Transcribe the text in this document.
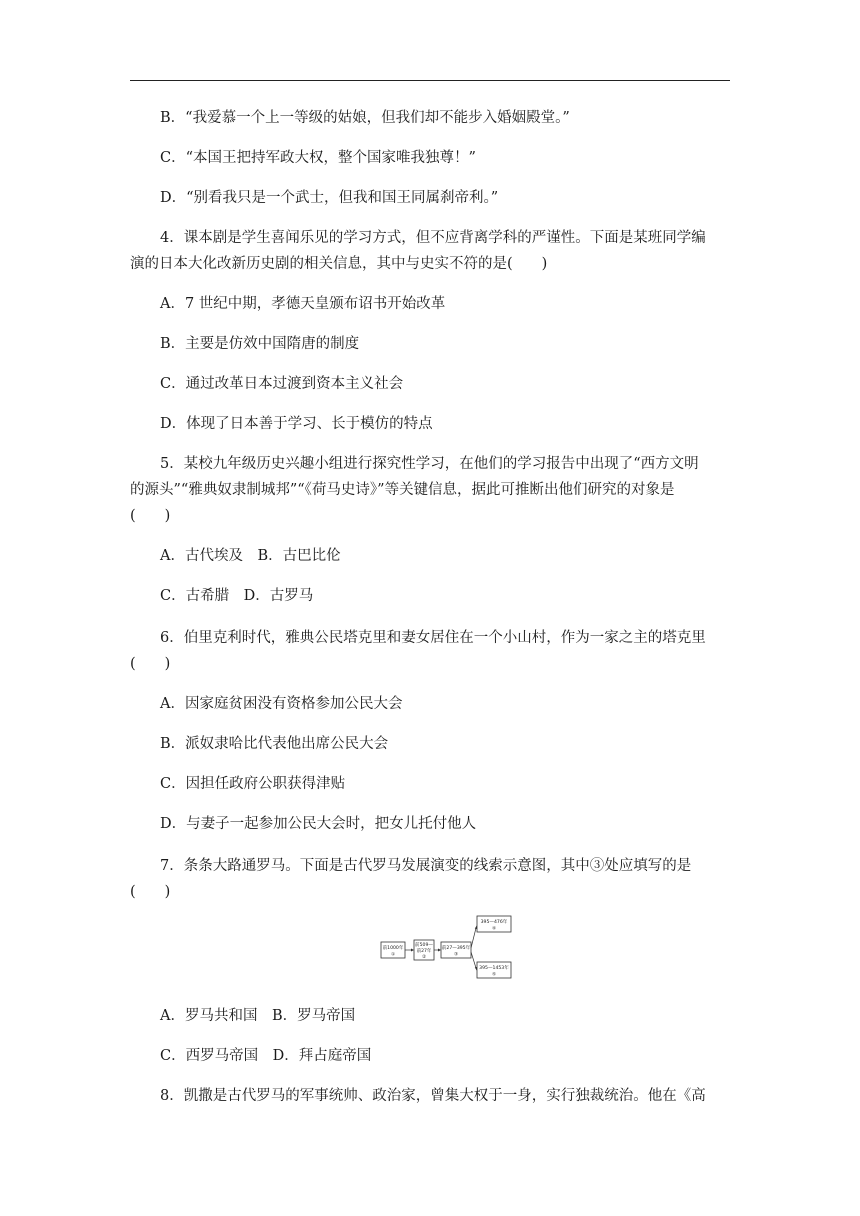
B．“我爱慕一个上一等级的姑娘，但我们却不能步入婚姻殿堂。”
C．“本国王把持军政大权，整个国家唯我独尊！”
D．“别看我只是一个武士，但我和国王同属刹帝利。”
4．课本剧是学生喜闻乐见的学习方式，但不应背离学科的严谨性。下面是某班同学编
演的日本大化改新历史剧的相关信息，其中与史实不符的是(　　)
A．7 世纪中期，孝德天皇颁布诏书开始改革
B．主要是仿效中国隋唐的制度
C．通过改革日本过渡到资本主义社会
D．体现了日本善于学习、长于模仿的特点
5．某校九年级历史兴趣小组进行探究性学习，在他们的学习报告中出现了“西方文明
的源头”“雅典奴隶制城邦”“《荷马史诗》”等关键信息，据此可推断出他们研究的对象是
(　　)
A．古代埃及　B．古巴比伦
C．古希腊　D．古罗马
6．伯里克利时代，雅典公民塔克里和妻女居住在一个小山村，作为一家之主的塔克里
(　　)
A．因家庭贫困没有资格参加公民大会
B．派奴隶哈比代表他出席公民大会
C．因担任政府公职获得津贴
D．与妻子一起参加公民大会时，把女儿托付他人
7．条条大路通罗马。下面是古代罗马发展演变的线索示意图，其中③处应填写的是
(　　)
前1000年
①
前509—
前27年
②
前27—395年
③
395—476年
④
395—1453年
⑤
A．罗马共和国　B．罗马帝国
C．西罗马帝国　D．拜占庭帝国
8．凯撒是古代罗马的军事统帅、政治家，曾集大权于一身，实行独裁统治。他在《高
